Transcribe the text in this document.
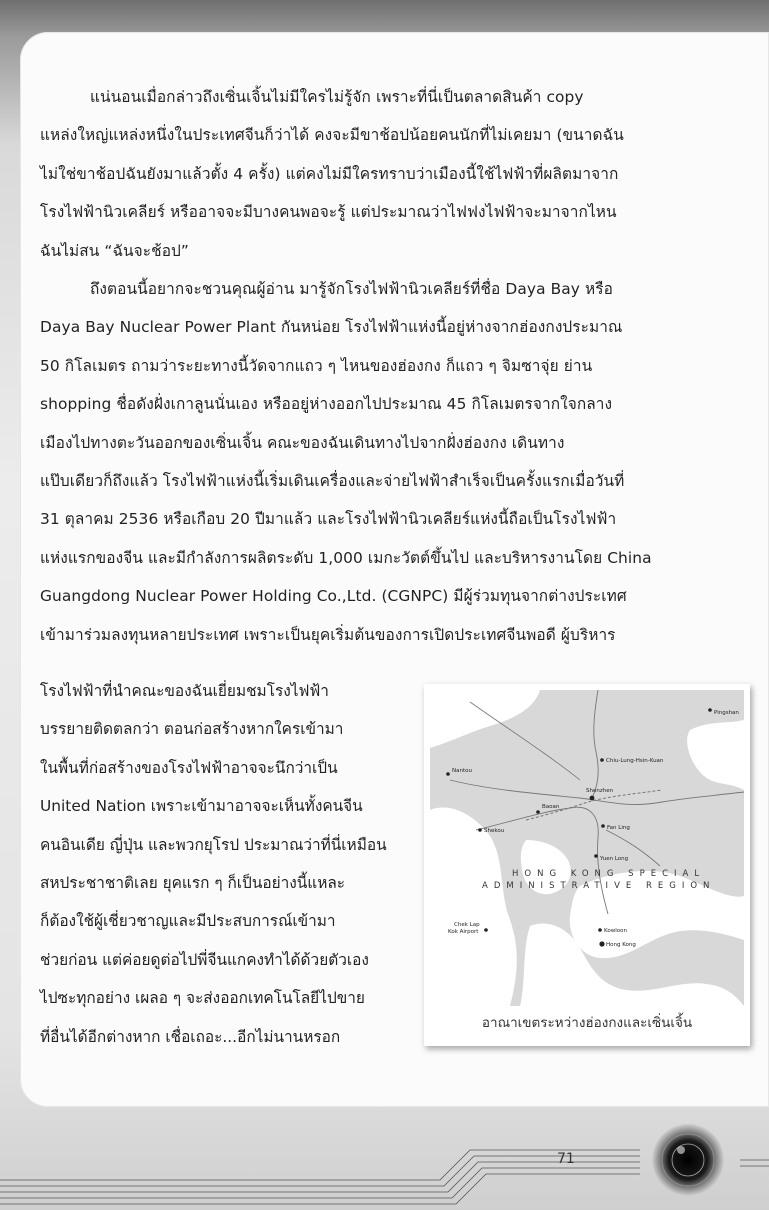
แน่นอนเมื่อกล่าวถึงเซิ่นเจิ้นไม่มีใครไม่รู้จัก เพราะที่นี่เป็นตลาดสินค้า copy

แหล่งใหญ่แหล่งหนึ่งในประเทศจีนก็ว่าได้ คงจะมีขาช้อปน้อยคนนักที่ไม่เคยมา (ขนาดฉัน

ไม่ใช่ขาช้อปฉันยังมาแล้วตั้ง 4 ครั้ง) แต่คงไม่มีใครทราบว่าเมืองนี้ใช้ไฟฟ้าที่ผลิตมาจาก

โรงไฟฟ้านิวเคลียร์ หรืออาจจะมีบางคนพอจะรู้ แต่ประมาณว่าไฟฟงไฟฟ้าจะมาจากไหน

ฉันไม่สน “ฉันจะช้อป”

ถึงตอนนี้อยากจะชวนคุณผู้อ่าน มารู้จักโรงไฟฟ้านิวเคลียร์ที่ชื่อ Daya Bay หรือ

Daya Bay Nuclear Power Plant กันหน่อย โรงไฟฟ้าแห่งนี้อยู่ห่างจากฮ่องกงประมาณ

50 กิโลเมตร ถามว่าระยะทางนี้วัดจากแถว ๆ ไหนของฮ่องกง ก็แถว ๆ จิมซาจุ่ย ย่าน

shopping ชื่อดังฝั่งเกาลูนนั่นเอง หรืออยู่ห่างออกไปประมาณ 45 กิโลเมตรจากใจกลาง

เมืองไปทางตะวันออกของเซิ่นเจิ้น คณะของฉันเดินทางไปจากฝั่งฮ่องกง เดินทาง

แป๊บเดียวก็ถึงแล้ว โรงไฟฟ้าแห่งนี้เริ่มเดินเครื่องและจ่ายไฟฟ้าสำเร็จเป็นครั้งแรกเมื่อวันที่

31 ตุลาคม 2536 หรือเกือบ 20 ปีมาแล้ว และโรงไฟฟ้านิวเคลียร์แห่งนี้ถือเป็นโรงไฟฟ้า

แห่งแรกของจีน และมีกำลังการผลิตระดับ 1,000 เมกะวัตต์ขึ้นไป และบริหารงานโดย China

Guangdong Nuclear Power Holding Co.,Ltd. (CGNPC) มีผู้ร่วมทุนจากต่างประเทศ

เข้ามาร่วมลงทุนหลายประเทศ เพราะเป็นยุคเริ่มต้นของการเปิดประเทศจีนพอดี ผู้บริหาร

โรงไฟฟ้าที่นำคณะของฉันเยี่ยมชมโรงไฟฟ้า

บรรยายติดตลกว่า ตอนก่อสร้างหากใครเข้ามา

ในพื้นที่ก่อสร้างของโรงไฟฟ้าอาจจะนึกว่าเป็น

United Nation เพราะเข้ามาอาจจะเห็นทั้งคนจีน

คนอินเดีย ญี่ปุ่น และพวกยุโรป ประมาณว่าที่นี่เหมือน

สหประชาชาติเลย ยุคแรก ๆ ก็เป็นอย่างนี้แหละ

ก็ต้องใช้ผู้เชี่ยวชาญและมีประสบการณ์เข้ามา

ช่วยก่อน แต่ค่อยดูต่อไปพี่จีนแกคงทำได้ด้วยตัวเอง

ไปซะทุกอย่าง เผลอ ๆ จะส่งออกเทคโนโลยีไปขาย

ที่อื่นได้อีกต่างหาก เชื่อเถอะ...อีกไม่นานหรอก

Pingshan
Chiu-Lung-Hsin-Kuan
Nantou
Shenzhen
Baoan
Shekou	Fan Ling
Yuen Long
HONG KONG SPECIAL
ADMINISTRATIVE REGION
Chek Lap
Kok Airport	Kowloon
Hong Kong
อาณาเขตระหว่างฮ่องกงและเซิ่นเจิ้น
71
